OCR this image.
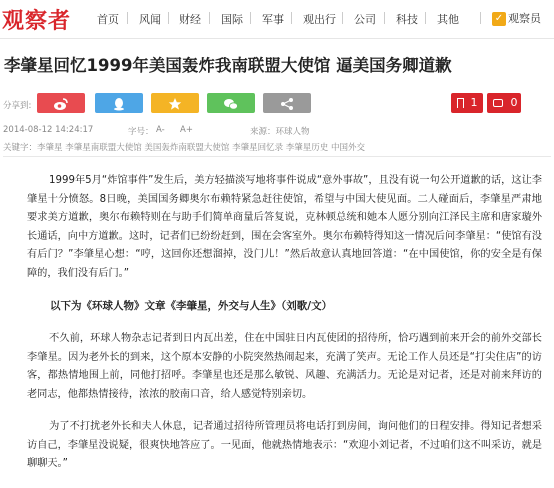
观察者 首页 风闻 财经 国际 军事 观出行 公司 科技 其他	✓ 观察员
李肇星回忆1999年美国轰炸我南联盟大使馆 逼美国务卿道歉
分享到:	1	0
2014-08-12 14:24:17	字号： A- A+	来源：环球人物
关键字：李肇星 李肇星南联盟大使馆 美国轰炸南联盟大使馆 李肇星回忆录 李肇星历史 中国外交

1999年5月“炸馆事件”发生后，美方轻描淡写地将事件说成“意外事故”，且没有说一句公开道歉的话，这让李肇星十分愤怒。8日晚，美国国务卿奥尔布赖特紧急赶往使馆，希望与中国大使见面。二人碰面后，李肇星严肃地要求美方道歉，奥尔布赖特则在与助手们简单商量后答复说，克林顿总统和她本人愿分别向江泽民主席和唐家璇外长通话，向中方道歉。这时，记者们已纷纷赶到，围在会客室外。奥尔布赖特得知这一情况后问李肇星：“使馆有没有后门？”李肇星心想：“哼，这回你还想溜掉，没门儿！”然后故意认真地回答道：“在中国使馆，你的安全是有保障的，我们没有后门。”

以下为《环球人物》文章《李肇星，外交与人生》（刘歌/文）

不久前，环球人物杂志记者到日内瓦出差，住在中国驻日内瓦使团的招待所，恰巧遇到前来开会的前外交部长李肇星。因为老外长的到来，这个原本安静的小院突然热闹起来，充满了笑声。无论工作人员还是“打尖住店”的访客，都热情地围上前，同他打招呼。李肇星也还是那么敏锐、风趣、充满活力。无论是对记者，还是对前来拜访的老同志，他都热情接待，浓浓的胶南口音，给人感觉特别亲切。

为了不打扰老外长和夫人休息，记者通过招待所管理员将电话打到房间，询问他们的日程安排。得知记者想采访自己，李肇星没说疑，很爽快地答应了。一见面，他就热情地表示：“欢迎小刘记者，不过咱们这不叫采访，就是聊聊天。”
